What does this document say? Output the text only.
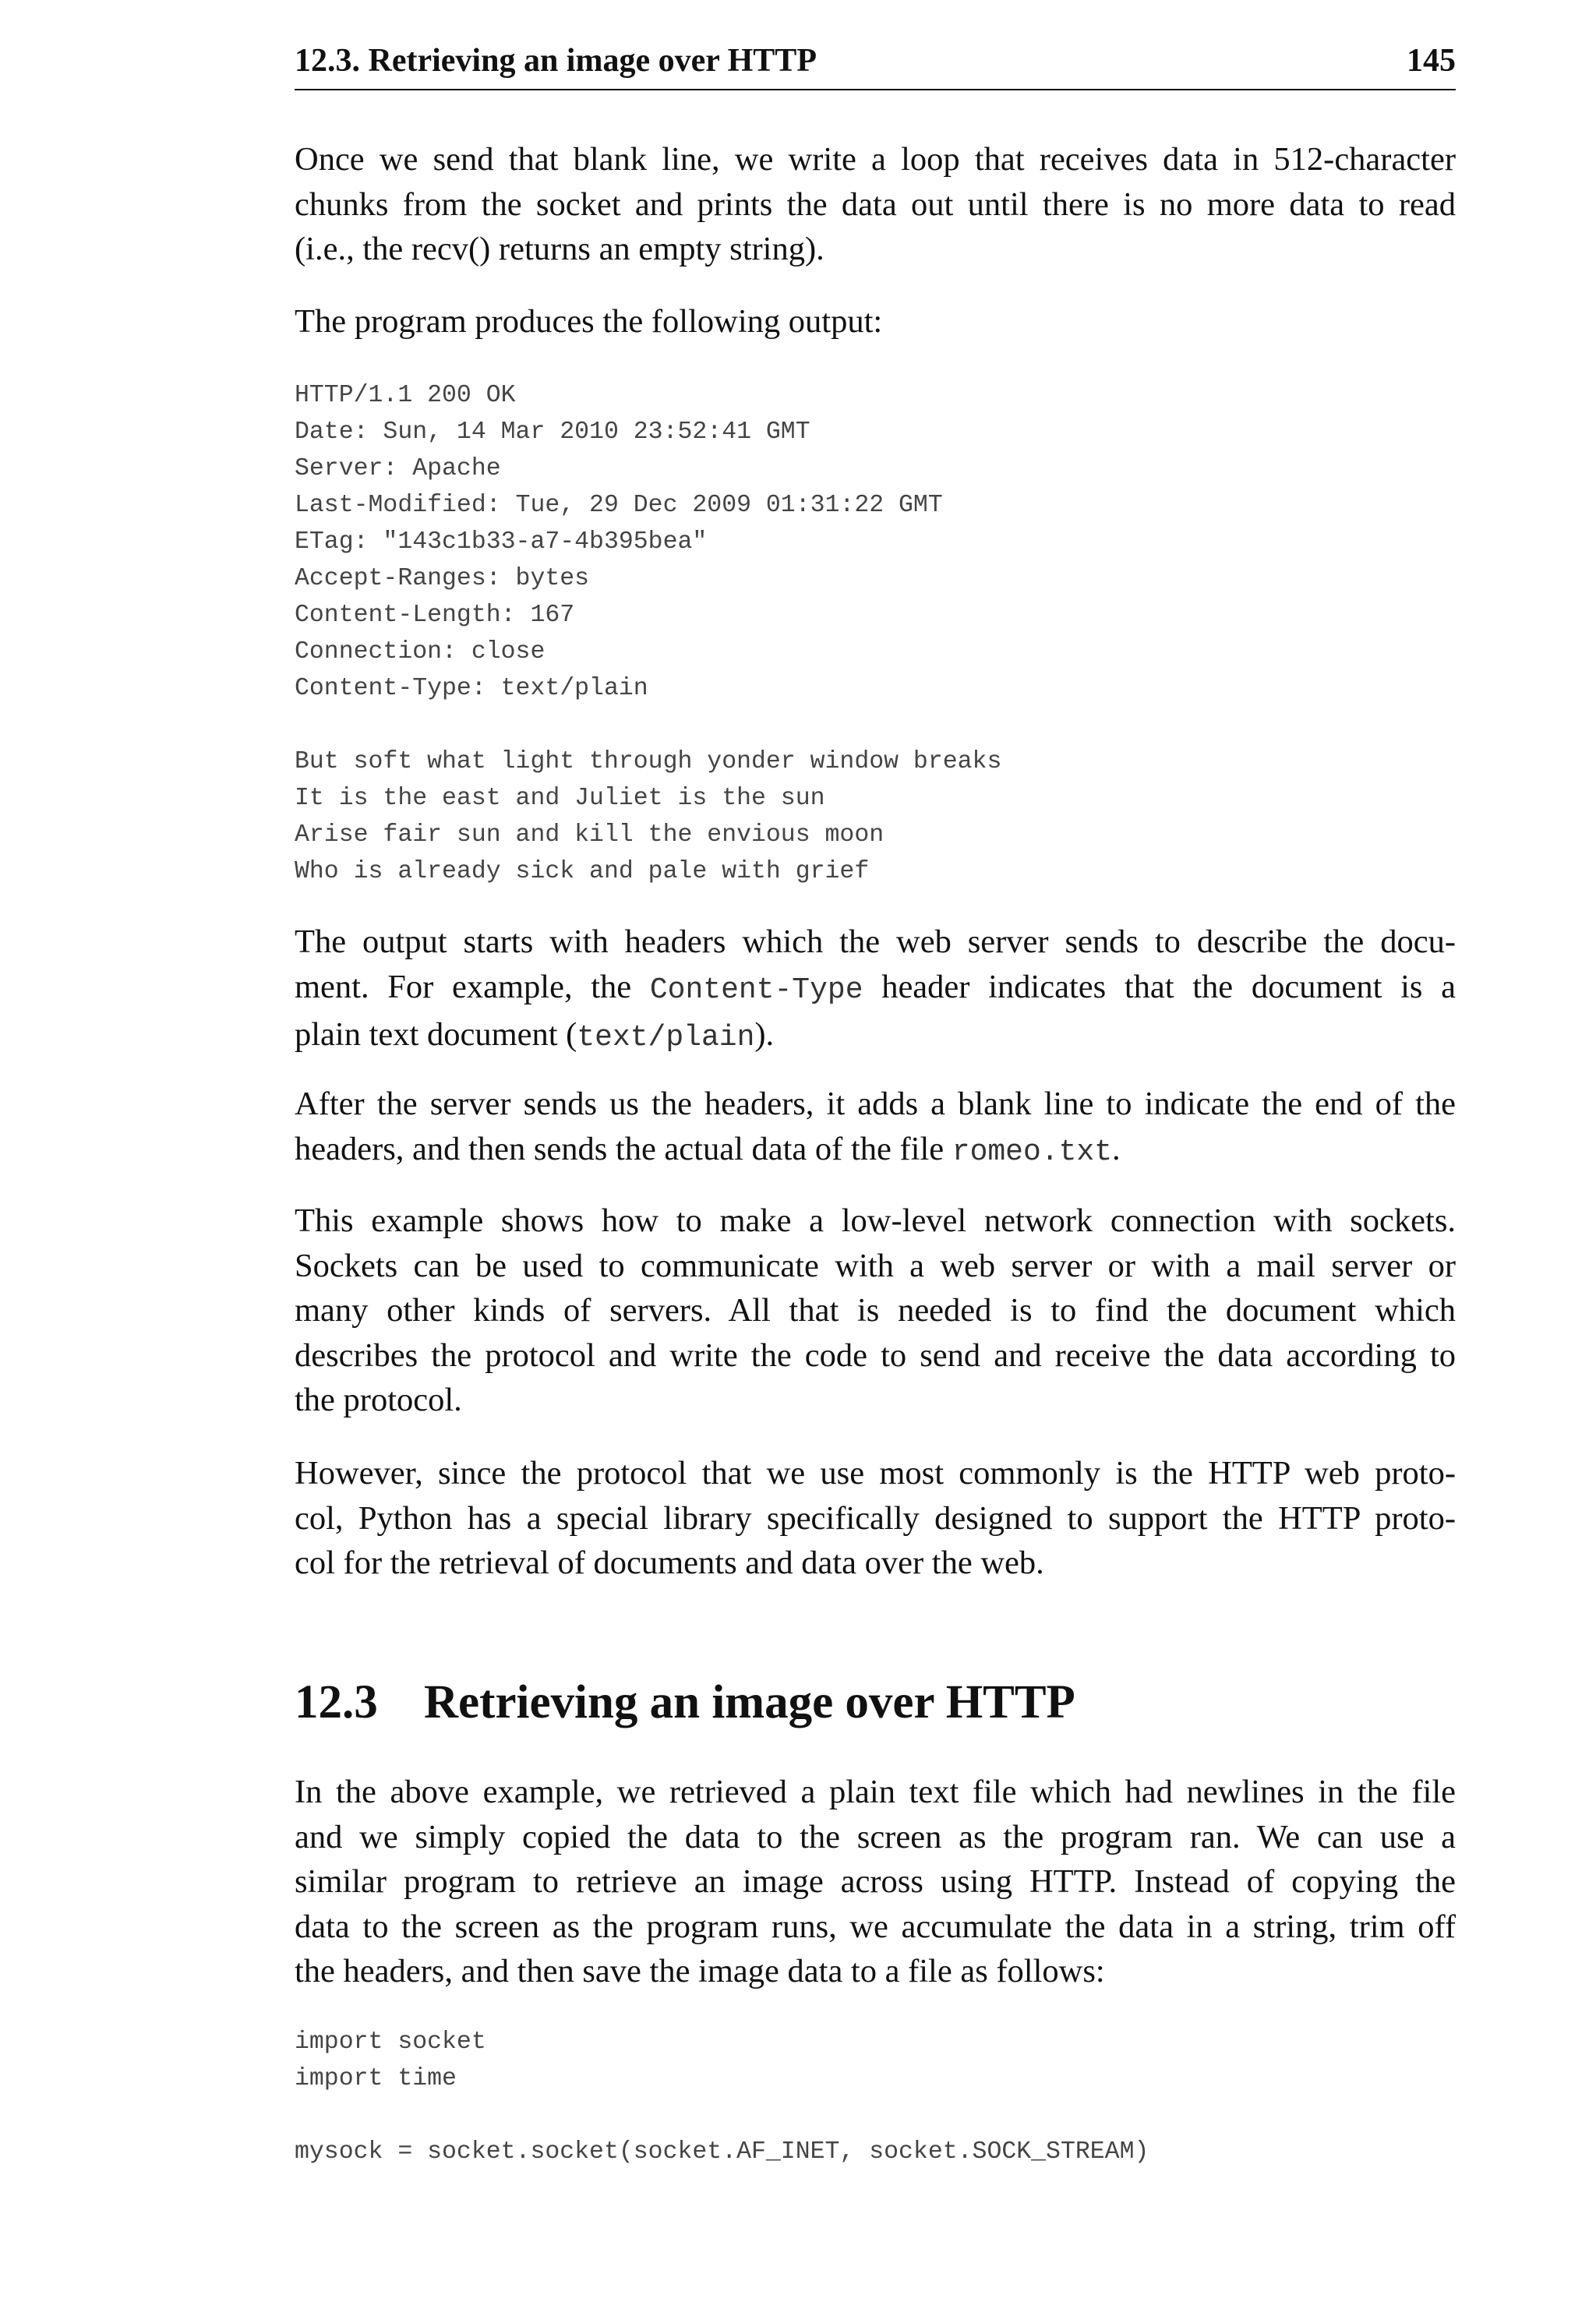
12.3. Retrieving an image over HTTP	145
Once we send that blank line, we write a loop that receives data in 512-character
chunks from the socket and prints the data out until there is no more data to read
(i.e., the recv() returns an empty string).
The program produces the following output:
HTTP/1.1 200 OK
Date: Sun, 14 Mar 2010 23:52:41 GMT
Server: Apache
Last-Modified: Tue, 29 Dec 2009 01:31:22 GMT
ETag: "143c1b33-a7-4b395bea"
Accept-Ranges: bytes
Content-Length: 167
Connection: close
Content-Type: text/plain
But soft what light through yonder window breaks
It is the east and Juliet is the sun
Arise fair sun and kill the envious moon
Who is already sick and pale with grief
The output starts with headers which the web server sends to describe the docu-
ment. For example, the Content-Type header indicates that the document is a
plain text document (text/plain).
After the server sends us the headers, it adds a blank line to indicate the end of the
headers, and then sends the actual data of the file romeo.txt.
This example shows how to make a low-level network connection with sockets.
Sockets can be used to communicate with a web server or with a mail server or
many other kinds of servers. All that is needed is to find the document which
describes the protocol and write the code to send and receive the data according to
the protocol.
However, since the protocol that we use most commonly is the HTTP web proto-
col, Python has a special library specifically designed to support the HTTP proto-
col for the retrieval of documents and data over the web.
12.3 Retrieving an image over HTTP
In the above example, we retrieved a plain text file which had newlines in the file
and we simply copied the data to the screen as the program ran. We can use a
similar program to retrieve an image across using HTTP. Instead of copying the
data to the screen as the program runs, we accumulate the data in a string, trim off
the headers, and then save the image data to a file as follows:
import socket
import time
mysock = socket.socket(socket.AF_INET, socket.SOCK_STREAM)
